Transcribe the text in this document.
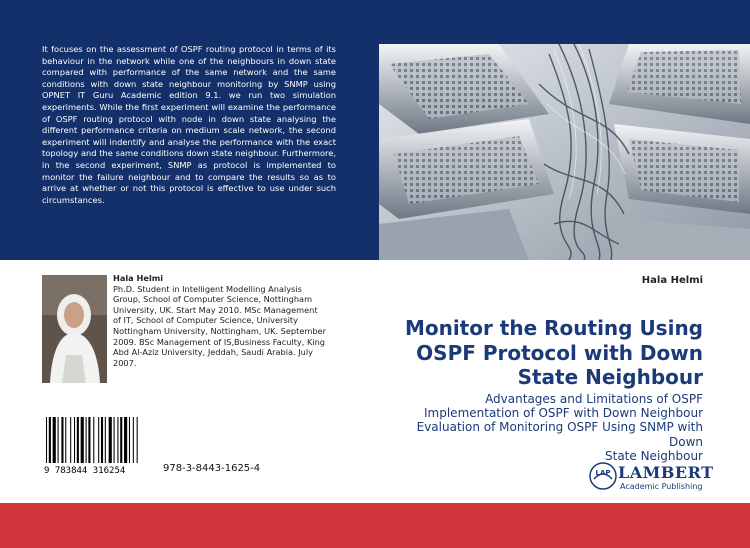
It focuses on the assessment of OSPF routing protocol in terms of its behaviour in the network while one of the neighbours in down state compared with performance of the same network and the same conditions with down state neighbour monitoring by SNMP using OPNET IT Guru Academic edition 9.1. we run two simulation experiments. While the first experiment will examine the performance of OSPF routing protocol with node in down state analysing the different performance criteria on medium scale network, the second experiment will indentify and analyse the performance with the exact topology and the same conditions down state neighbour. Furthermore, in the second experiment, SNMP as protocol is implemented to monitor the failure neighbour and to compare the results so as to arrive at whether or not this protocol is effective to use under such circumstances.

Hala Helmi
Ph.D. Student in Intelligent Modelling Analysis Group, School of Computer Science, Nottingham University, UK. Start May 2010. MSc Management of IT, School of Computer Science, University Nottingham University, Nottingham, UK. September 2009. BSc Management of IS,Business Faculty, King Abd Al-Aziz University, Jeddah, Saudi Arabia. July 2007.
9 783844 316254	978-3-8443-1625-4
Hala Helmi
Monitor the Routing Using
OSPF Protocol with Down
State Neighbour
Advantages and Limitations of OSPF
Implementation of OSPF with Down Neighbour
Evaluation of Monitoring OSPF Using SNMP with Down
State Neighbour
LAP LAMBERT
Academic Publishing
